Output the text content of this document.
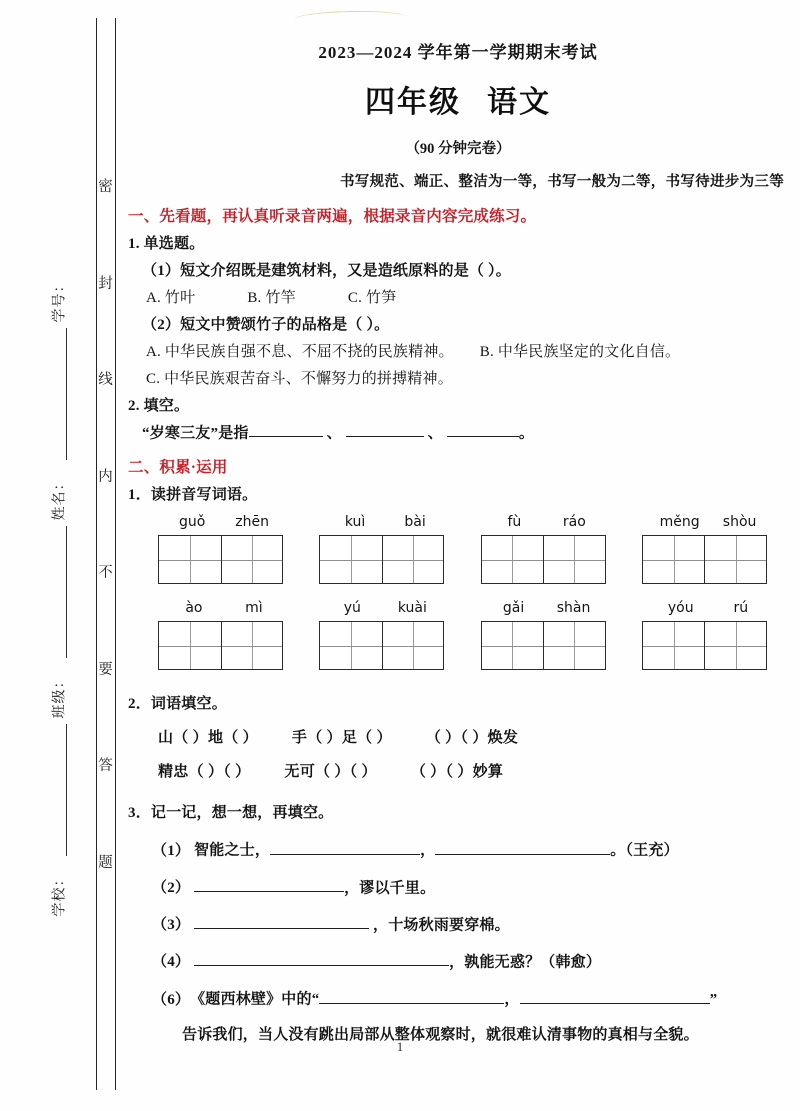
密
封
线
内
不
要
答
题
学号：
姓名：
班级：
学校：
2023—2024 学年第一学期期末考试
四年级 语文
（90 分钟完卷）
书写规范、端正、整洁为一等，书写一般为二等，书写待进步为三等
一、先看题，再认真听录音两遍，根据录音内容完成练习。
1. 单选题。
（1）短文介绍既是建筑材料，又是造纸原料的是（ ）。
A. 竹叶	B. 竹竿	C. 竹笋
（2）短文中赞颂竹子的品格是（ ）。
A. 中华民族自强不息、不屈不挠的民族精神。 B. 中华民族坚定的文化自信。
C. 中华民族艰苦奋斗、不懈努力的拼搏精神。
2. 填空。
“岁寒三友”是指	、	、	。
二、积累·运用
1．读拼音写词语。
guǒ zhēn	kuì	bài	fù	ráo	měng shòu
ào	mì	yú	kuài	gǎi shàn	yóu	rú
2．词语填空。
山（ ）地（ ） 手（ ）足（ ） （ ）（ ）焕发
精忠（ ）（ ） 无可（ ）（ ） （ ）（ ）妙算
3．记一记，想一想，再填空。
（1） 智能之士，	，	。（王充）
（2）	，谬以千里。
（3）	，十场秋雨要穿棉。
（4）	，孰能无惑？（韩愈）
（6）《题西林壁》中的“	，	”
告诉我们，当人没有跳出局部从整体观察时，就很难认清事物的真相与全貌。
1
